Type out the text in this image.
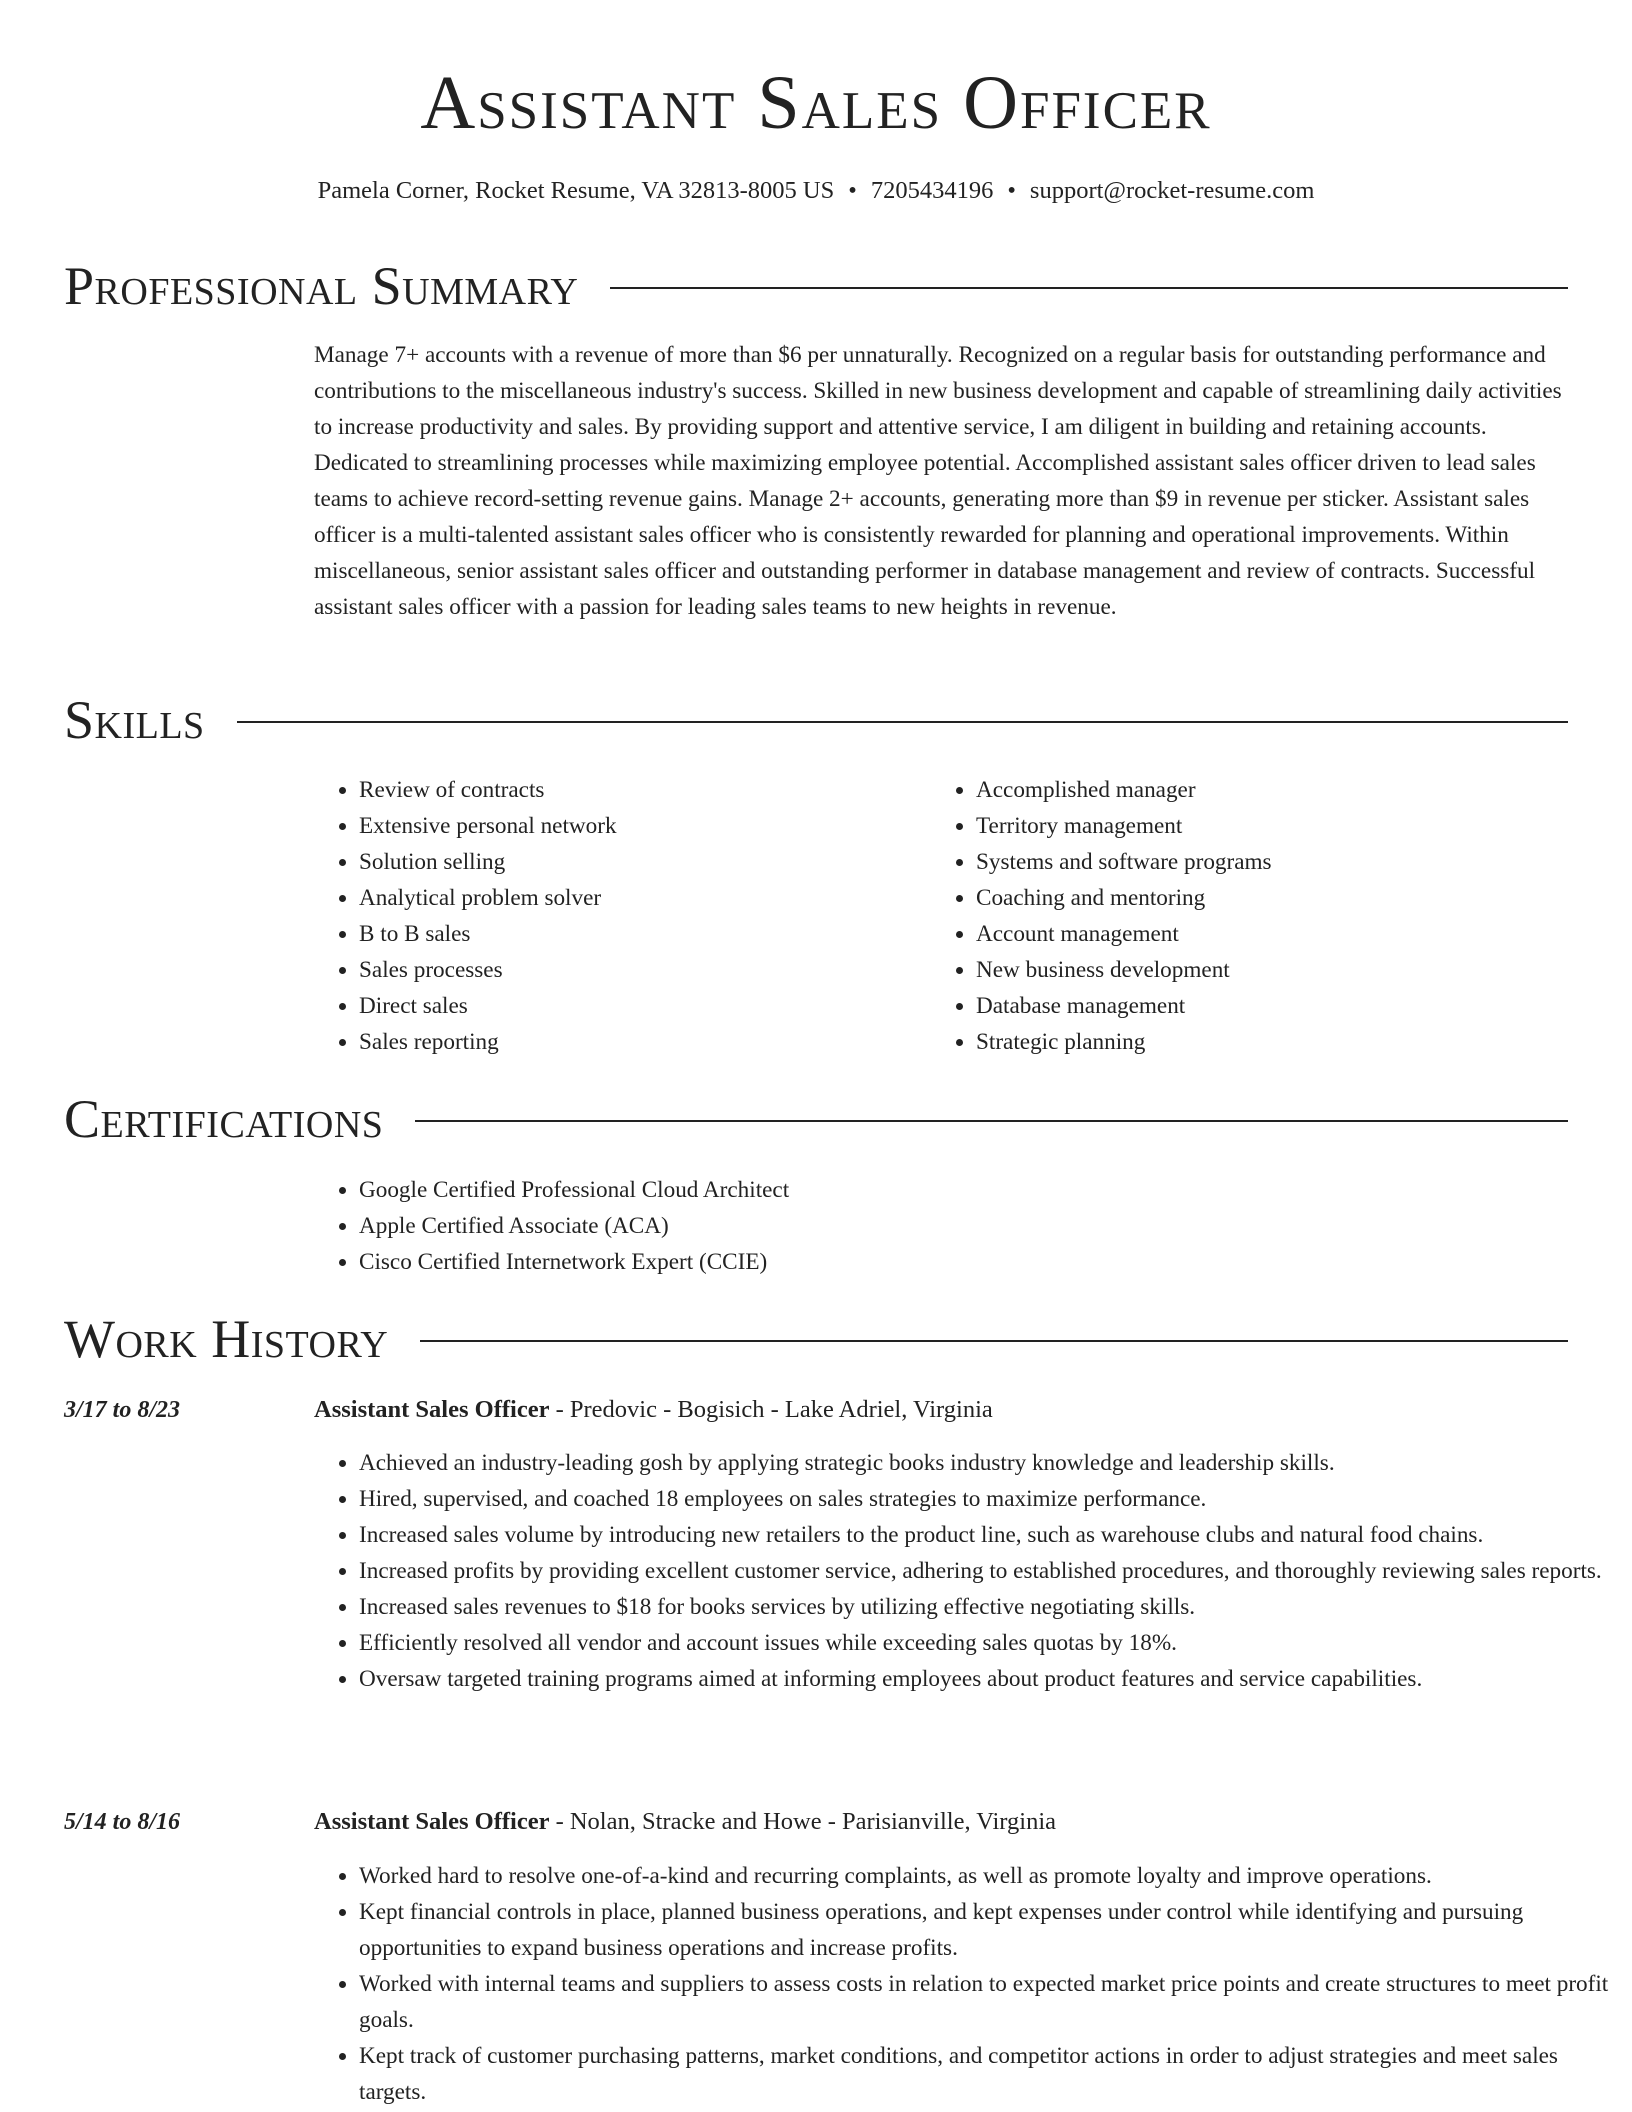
Assistant Sales Officer
Pamela Corner, Rocket Resume, VA 32813-8005 US • 7205434196 • support@rocket-resume.com
Professional Summary

Manage 7+ accounts with a revenue of more than $6 per unnaturally. Recognized on a regular basis for outstanding performance and contributions to the miscellaneous industry's success. Skilled in new business development and capable of streamlining daily activities to increase productivity and sales. By providing support and attentive service, I am diligent in building and retaining accounts. Dedicated to streamlining processes while maximizing employee potential. Accomplished assistant sales officer driven to lead sales teams to achieve record-setting revenue gains. Manage 2+ accounts, generating more than $9 in revenue per sticker. Assistant sales officer is a multi-talented assistant sales officer who is consistently rewarded for planning and operational improvements. Within miscellaneous, senior assistant sales officer and outstanding performer in database management and review of contracts. Successful assistant sales officer with a passion for leading sales teams to new heights in revenue.

Skills
• Review of contracts
• Extensive personal network
• Solution selling
• Analytical problem solver
• B to B sales
• Sales processes
• Direct sales
• Sales reporting
• Accomplished manager
• Territory management
• Systems and software programs
• Coaching and mentoring
• Account management
• New business development
• Database management
• Strategic planning
Certifications
• Google Certified Professional Cloud Architect
• Apple Certified Associate (ACA)
• Cisco Certified Internetwork Expert (CCIE)
Work History
3/17 to 8/23	Assistant Sales Officer - Predovic - Bogisich - Lake Adriel, Virginia
• Achieved an industry-leading gosh by applying strategic books industry knowledge and leadership skills.
• Hired, supervised, and coached 18 employees on sales strategies to maximize performance.
• Increased sales volume by introducing new retailers to the product line, such as warehouse clubs and natural food chains.
• Increased profits by providing excellent customer service, adhering to established procedures, and thoroughly reviewing sales reports.
• Increased sales revenues to $18 for books services by utilizing effective negotiating skills.
• Efficiently resolved all vendor and account issues while exceeding sales quotas by 18%.
• Oversaw targeted training programs aimed at informing employees about product features and service capabilities.
5/14 to 8/16	Assistant Sales Officer - Nolan, Stracke and Howe - Parisianville, Virginia
• Worked hard to resolve one-of-a-kind and recurring complaints, as well as promote loyalty and improve operations.
• Kept financial controls in place, planned business operations, and kept expenses under control while identifying and pursuing opportunities to expand business operations and increase profits.
• Worked with internal teams and suppliers to assess costs in relation to expected market price points and create structures to meet profit goals.
• Kept track of customer purchasing patterns, market conditions, and competitor actions in order to adjust strategies and meet sales targets.
